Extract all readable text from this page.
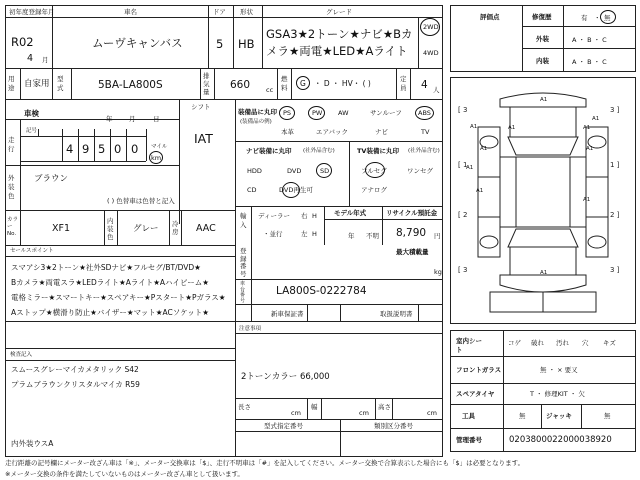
初年度登録年月	車名	ドア 形状	グレード
R02
4 月
ムーヴキャンバス	5 HB
GSA3★2トーン★ナビ★Bカ
メラ★両電★LED★Aライト
2WD
4WD
用途 自家用 型式	5BA-LA800S
排気量
660 cc
燃料 G ・ D ・ HV・ ( )	定員 4 人
車検
年	月	日
シフト
IAT
走行
記号
4 9 5 0 0 マイル
km
外装色
ブラウン
( ) 色替車は色替と記入
カラー No.	XF1
内装色
グレー 冷房 AAC
装備品に丸印
(装備品の例)
PS	PW AW	サンルーフ	ABS
本革	エアバック	ナビ	TV
ナビ装備に丸印 (社外品含む)
HDD	DVD	SD
CD	DVD再生可
TV装備に丸印 (社外品含む)
フルセグ	ワンセグ
アナログ
輸入
ディーラー
・並行
右 H
左 H
モデル年式
年 不明
リサイクル預託金
8,790 円
セールスポイント
スマアシ3★2トーン★社外SDナビ★フルセグ/BT/DVD★
Bカメラ★両電スラ★LEDライト★Aライト★Aハイビーム★
電格ミラー★スマートキー★スペアキー★Pスタート★Pガラス★
Aストップ★横滑り防止★バイザー★マット★ACソケット★
最大積載量
kg
登録番号
車台番号
LA800S-0222784
新車保証書	取扱説明書
検査記入
スムースグレーマイカメタリック S42
プラムブラウンクリスタルマイカ R59
内外装ウスA
注意事項
2トーンカラー 66,000
長さ
cm
幅
cm
高さ
cm
型式指定番号	類別区分番号
評価点	修復歴	有 ・ 無
外装	A ・ B ・ C
内装	A ・ B ・ C
[ 3	3 ]
[ 1	1 ]
[ 2	2 ]
[ 3	3 ]
A1
A1
A1	A1	A1
A1	A1
A1
A1
A1
A1
室内シート
コゲ 破れ 汚れ 穴 キズ
フロントガラス	無 ・ × 要又
スペアタイヤ	T ・ 修理KIT ・ 欠
工具	無	ジャッキ	無
管理番号	0203800022000038920
走行距離の記号欄にメーター改ざん車は「※」、メーター交換車は「$」、走行不明車は「#」を記入してください。メーター交換で合算表示した場合にも「$」は必要となります。
※メーター交換の条件を満たしていないものはメーター改ざん車として扱います。
